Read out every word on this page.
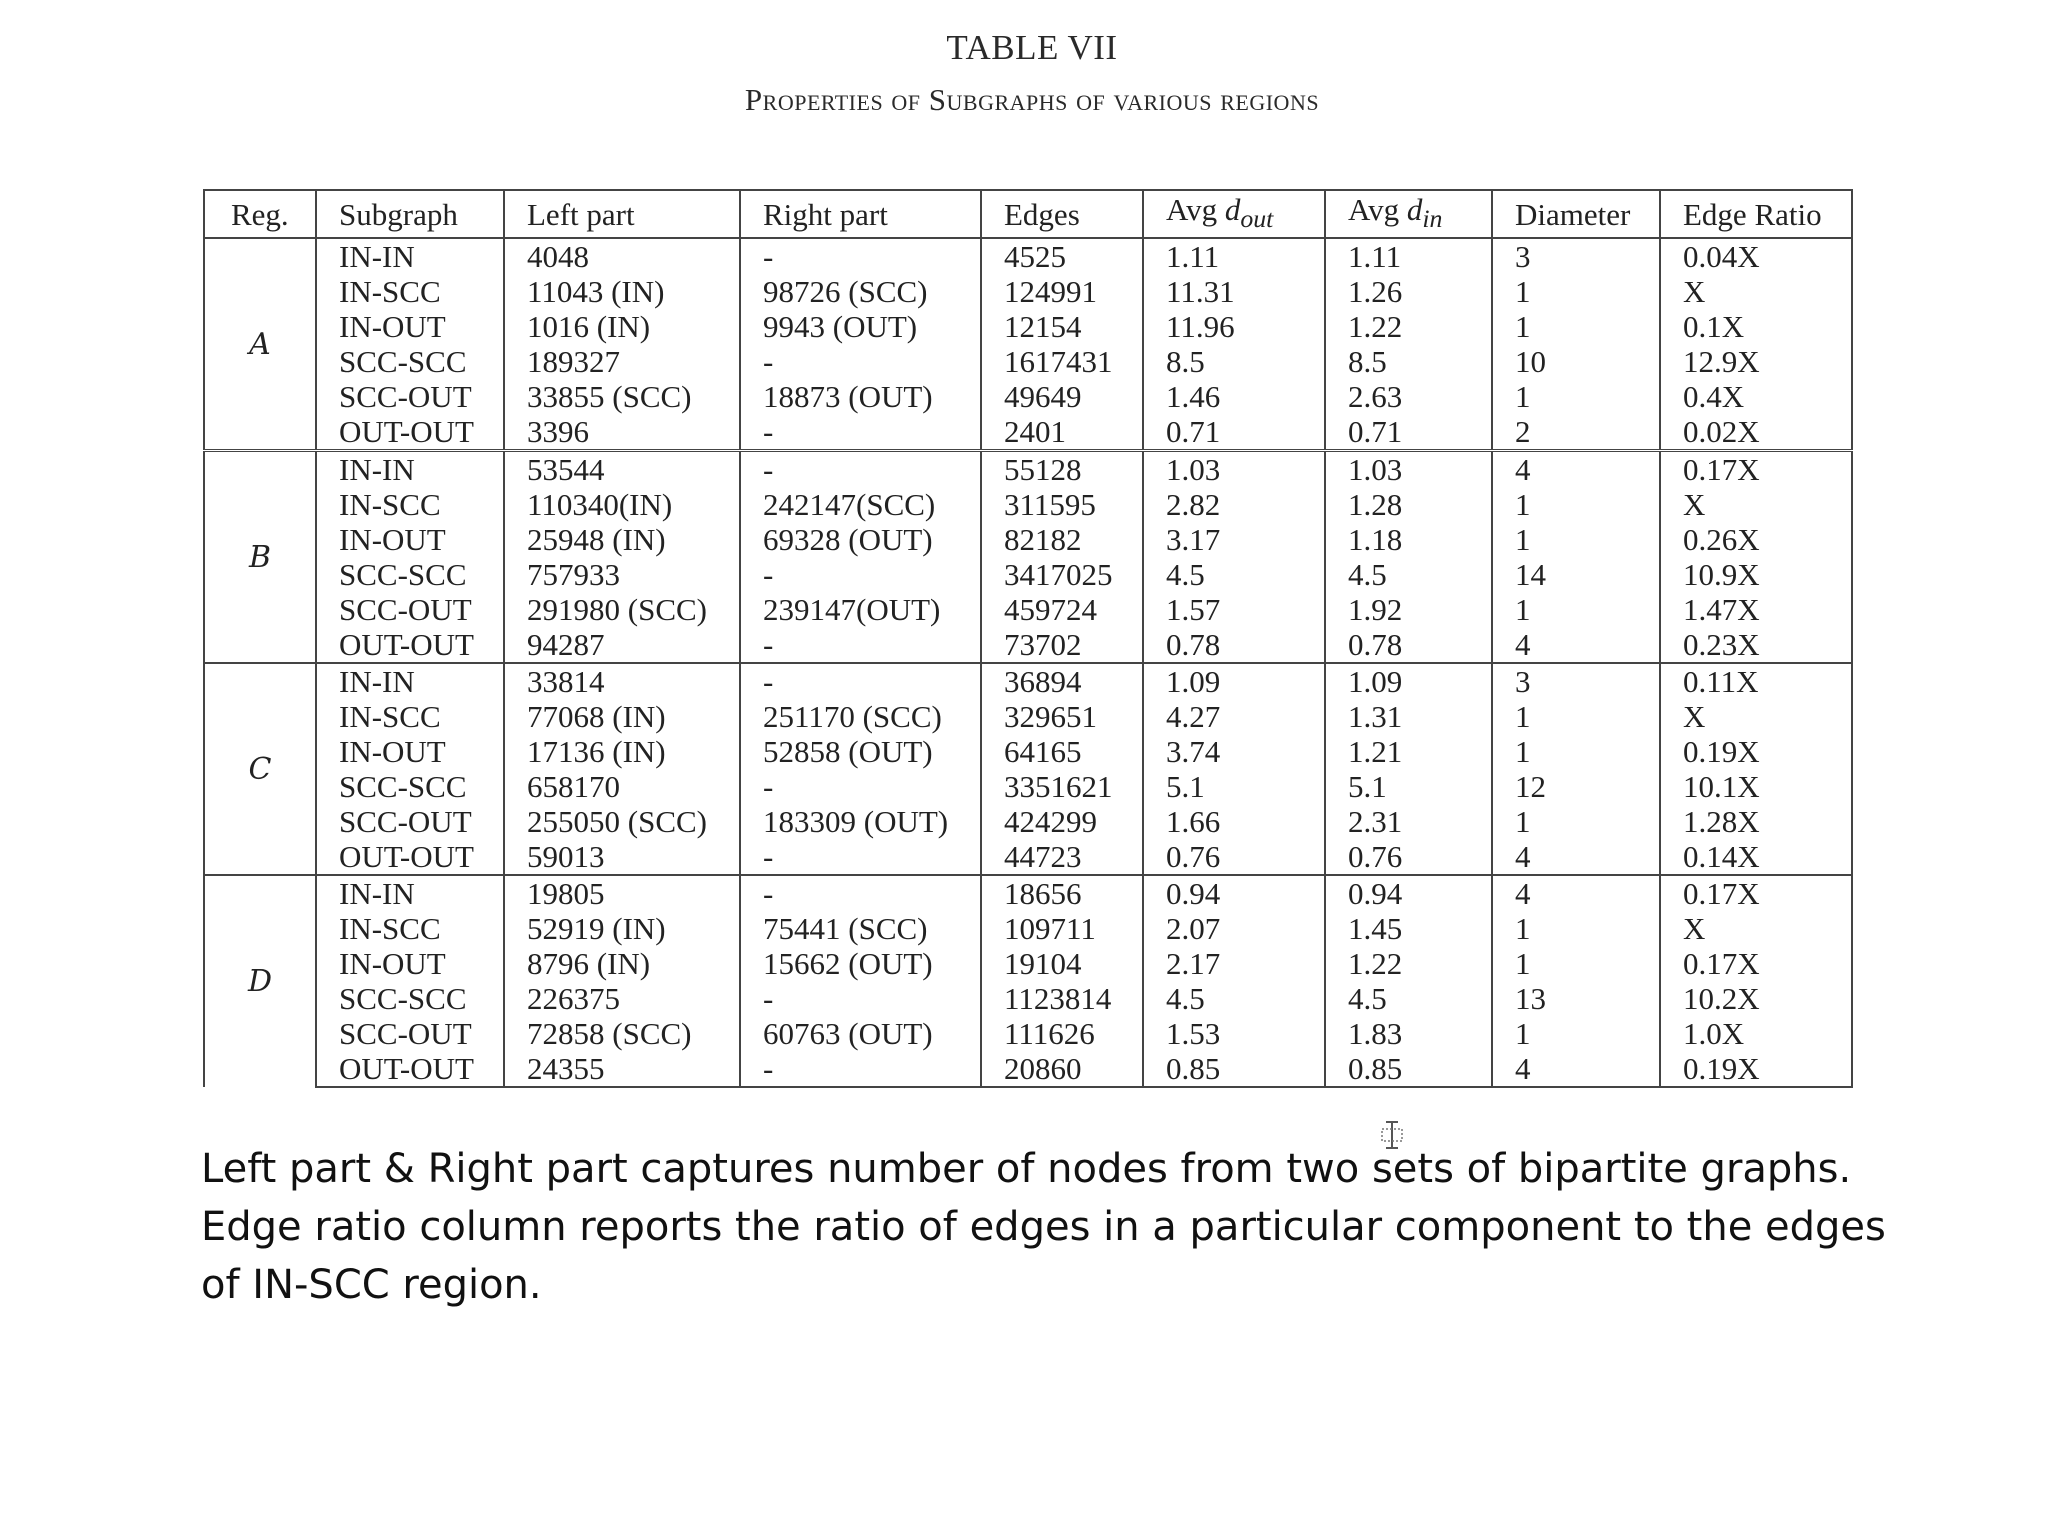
TABLE VII
Properties of Subgraphs of various regions
Reg.	Subgraph	Left part	Right part	Edges	Avg $d_{out}$	Avg $d_{in}$	Diameter	Edge Ratio
A	IN-IN	4048	-	4525	1.11	1.11	3	0.04X
	IN-SCC	11043 (IN)	98726 (SCC)	124991	11.31	1.26	1	X
	IN-OUT	1016 (IN)	9943 (OUT)	12154	11.96	1.22	1	0.1X
	SCC-SCC	189327	-	1617431	8.5	8.5	10	12.9X
	SCC-OUT	33855 (SCC)	18873 (OUT)	49649	1.46	2.63	1	0.4X
	OUT-OUT	3396	-	2401	0.71	0.71	2	0.02X
B	IN-IN	53544	-	55128	1.03	1.03	4	0.17X
	IN-SCC	110340(IN)	242147(SCC)	311595	2.82	1.28	1	X
	IN-OUT	25948 (IN)	69328 (OUT)	82182	3.17	1.18	1	0.26X
	SCC-SCC	757933	-	3417025	4.5	4.5	14	10.9X
	SCC-OUT	291980 (SCC)	239147(OUT)	459724	1.57	1.92	1	1.47X
	OUT-OUT	94287	-	73702	0.78	0.78	4	0.23X
C	IN-IN	33814	-	36894	1.09	1.09	3	0.11X
	IN-SCC	77068 (IN)	251170 (SCC)	329651	4.27	1.31	1	X
	IN-OUT	17136 (IN)	52858 (OUT)	64165	3.74	1.21	1	0.19X
	SCC-SCC	658170	-	3351621	5.1	5.1	12	10.1X
	SCC-OUT	255050 (SCC)	183309 (OUT)	424299	1.66	2.31	1	1.28X
	OUT-OUT	59013	-	44723	0.76	0.76	4	0.14X
D	IN-IN	19805	-	18656	0.94	0.94	4	0.17X
	IN-SCC	52919 (IN)	75441 (SCC)	109711	2.07	1.45	1	X
	IN-OUT	8796 (IN)	15662 (OUT)	19104	2.17	1.22	1	0.17X
	SCC-SCC	226375	-	1123814	4.5	4.5	13	10.2X
	SCC-OUT	72858 (SCC)	60763 (OUT)	111626	1.53	1.83	1	1.0X
	OUT-OUT	24355	-	20860	0.85	0.85	4	0.19X
Left part & Right part captures number of nodes from two sets of bipartite graphs.
Edge ratio column reports the ratio of edges in a particular component to the edges
of IN-SCC region.
